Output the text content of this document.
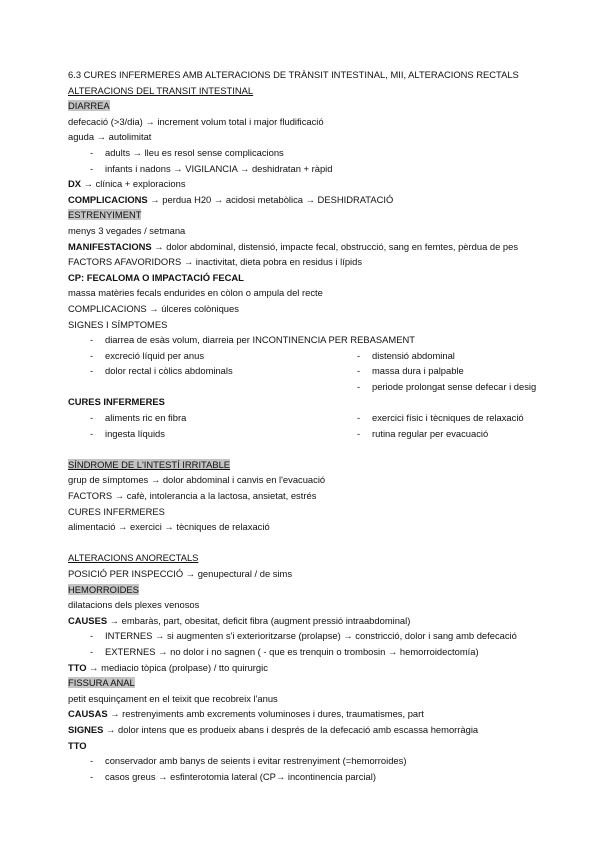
6.3 CURES INFERMERES AMB ALTERACIONS DE TRÀNSIT INTESTINAL, MII, ALTERACIONS RECTALS
ALTERACIONS DEL TRANSIT INTESTINAL
DIARREA
defecació (>3/dia) → increment volum total i major fludificació
aguda → autolimitat
- adults → lleu es resol sense complicacions
- infants i nadons → VIGILANCIA → deshidratan + ràpid
DX → clínica + exploracions
COMPLICACIONS → perdua H20 → acidosi metabòlica → DESHIDRATACIÓ
ESTRENYIMENT
menys 3 vegades / setmana
MANIFESTACIONS → dolor abdominal, distensió, impacte fecal, obstrucció, sang en femtes, pèrdua de pes
FACTORS AFAVORIDORS → inactivitat, dieta pobra en residus i lípids
CP: FECALOMA O IMPACTACIÓ FECAL
massa matèries fecals endurides en còlon o ampula del recte
COMPLICACIONS → úlceres colòniques
SIGNES I SÍMPTOMES
- diarrea de esàs volum, diarreia per INCONTINENCIA PER REBASAMENT
- excreció líquid per anus	- distensió abdominal
- dolor rectal i còlics abdominals	- massa dura i palpable
- periode prolongat sense defecar i desig
CURES INFERMERES
- aliments ric en fibra	- exercici físic i tècniques de relaxació
- ingesta líquids	- rutina regular per evacuació
SÍNDROME DE L'INTESTÍ IRRITABLE
grup de símptomes → dolor abdominal i canvis en l'evacuació
FACTORS → cafè, intolerancia a la lactosa, ansietat, estrés
CURES INFERMERES
alimentació → exercici → tècniques de relaxació
ALTERACIONS ANORECTALS
POSICIÓ PER INSPECCIÓ → genupectural / de sims
HEMORROIDES
dilatacions dels plexes venosos
CAUSES → embaràs, part, obesitat, deficit fibra (augment pressió intraabdominal)
- INTERNES → si augmenten s'i exterioritzarse (prolapse) → constricció, dolor i sang amb defecació
- EXTERNES → no dolor i no sagnen ( - que es trenquin o trombosin → hemorroidectomía)
TTO → mediacio tòpica (prolpase) / tto quirurgic
FISSURA ANAL
petit esquinçament en el teixit que recobreix l'anus
CAUSAS → restrenyiments amb excrements voluminoses i dures, traumatismes, part
SIGNES → dolor intens que es produeix abans i després de la defecació amb escassa hemorràgia
TTO
- conservador amb banys de seients i evitar restrenyiment (=hemorroides)
- casos greus → esfinterotomia lateral (CP→ incontinencia parcial)
